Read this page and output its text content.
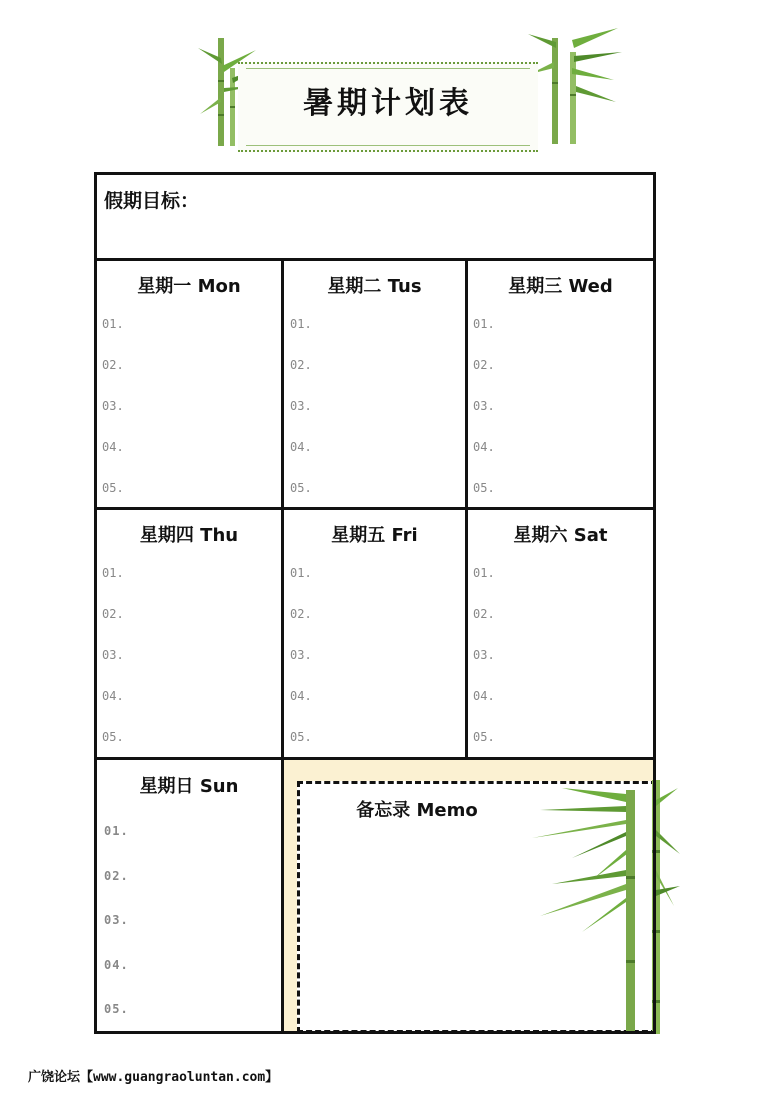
暑期计划表
备忘录 Memo
假期目标：
星期一 Mon
01.
02.
03.
04.
05.
星期二 Tus
01.
02.
03.
04.
05.
星期三 Wed
01.
02.
03.
04.
05.
星期四 Thu
01.
02.
03.
04.
05.
星期五 Fri
01.
02.
03.
04.
05.
星期六 Sat
01.
02.
03.
04.
05.
星期日 Sun
01.
02.
03.
04.
05.
广饶论坛【www.guangraoluntan.com】
